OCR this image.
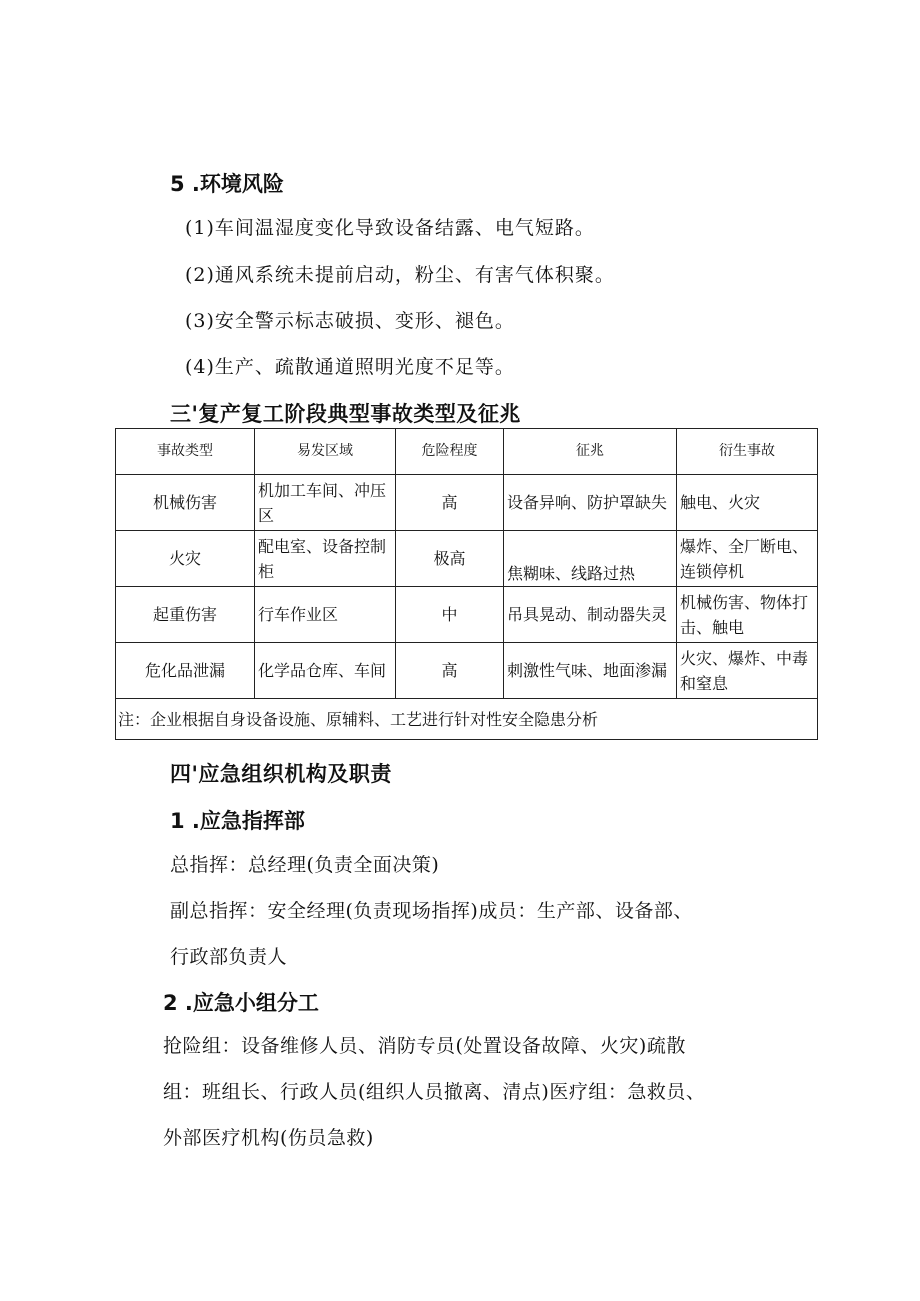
5 .环境风险
(1)车间温湿度变化导致设备结露、电气短路。
(2)通风系统未提前启动，粉尘、有害气体积聚。
(3)安全警示标志破损、变形、褪色。
(4)生产、疏散通道照明光度不足等。
三'复产复工阶段典型事故类型及征兆
事故类型	易发区域	危险程度	征兆	衍生事故
机械伤害	机加工车间、冲压区	高	设备异响、防护罩缺失	触电、火灾
火灾	配电室、设备控制柜	极高	焦糊味、线路过热	爆炸、全厂断电、连锁停机
起重伤害	行车作业区	中	吊具晃动、制动器失灵	机械伤害、物体打击、触电
危化品泄漏	化学品仓库、车间	高	刺激性气味、地面渗漏	火灾、爆炸、中毒和窒息
注：企业根据自身设备设施、原辅料、工艺进行针对性安全隐患分析				
四'应急组织机构及职责
1 .应急指挥部
总指挥：总经理(负责全面决策)
副总指挥：安全经理(负责现场指挥)成员：生产部、设备部、
行政部负责人
2 .应急小组分工
抢险组：设备维修人员、消防专员(处置设备故障、火灾)疏散
组：班组长、行政人员(组织人员撤离、清点)医疗组：急救员、
外部医疗机构(伤员急救)
